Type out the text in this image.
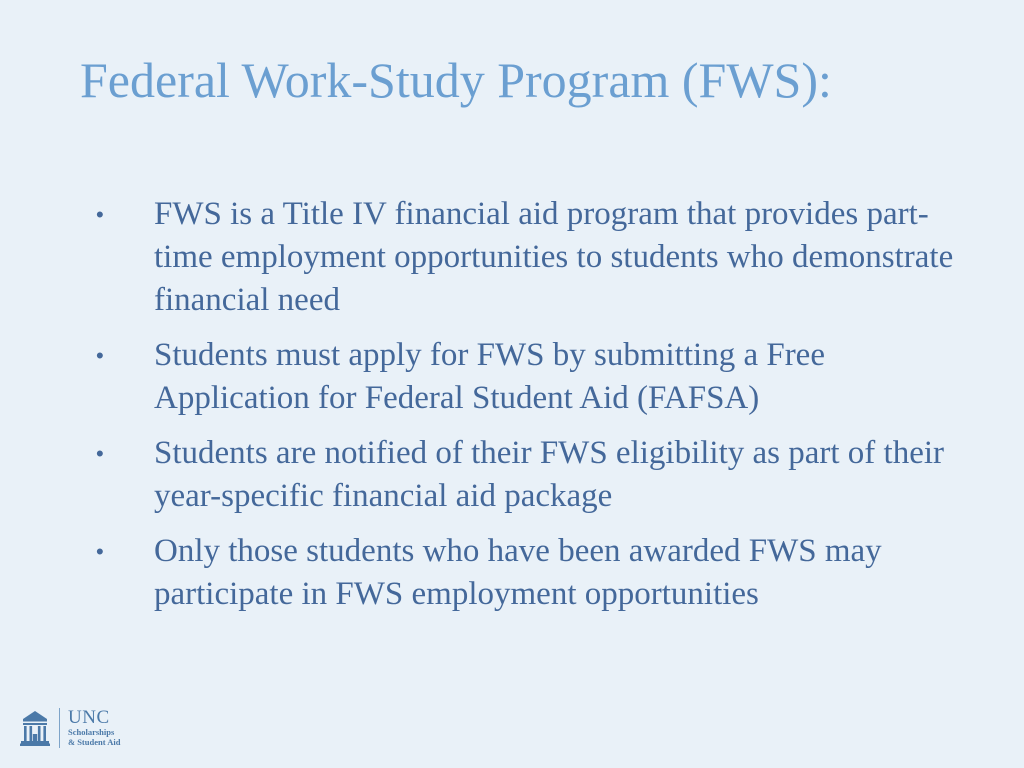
Federal Work-Study Program (FWS):
•	FWS is a Title IV financial aid program that provides part-time employment opportunities to students who demonstrate financial need
•	Students must apply for FWS by submitting a Free Application for Federal Student Aid (FAFSA)
•	Students are notified of their FWS eligibility as part of their year-specific financial aid package
•	Only those students who have been awarded FWS may participate in FWS employment opportunities
UNC
Scholarships
& Student Aid
